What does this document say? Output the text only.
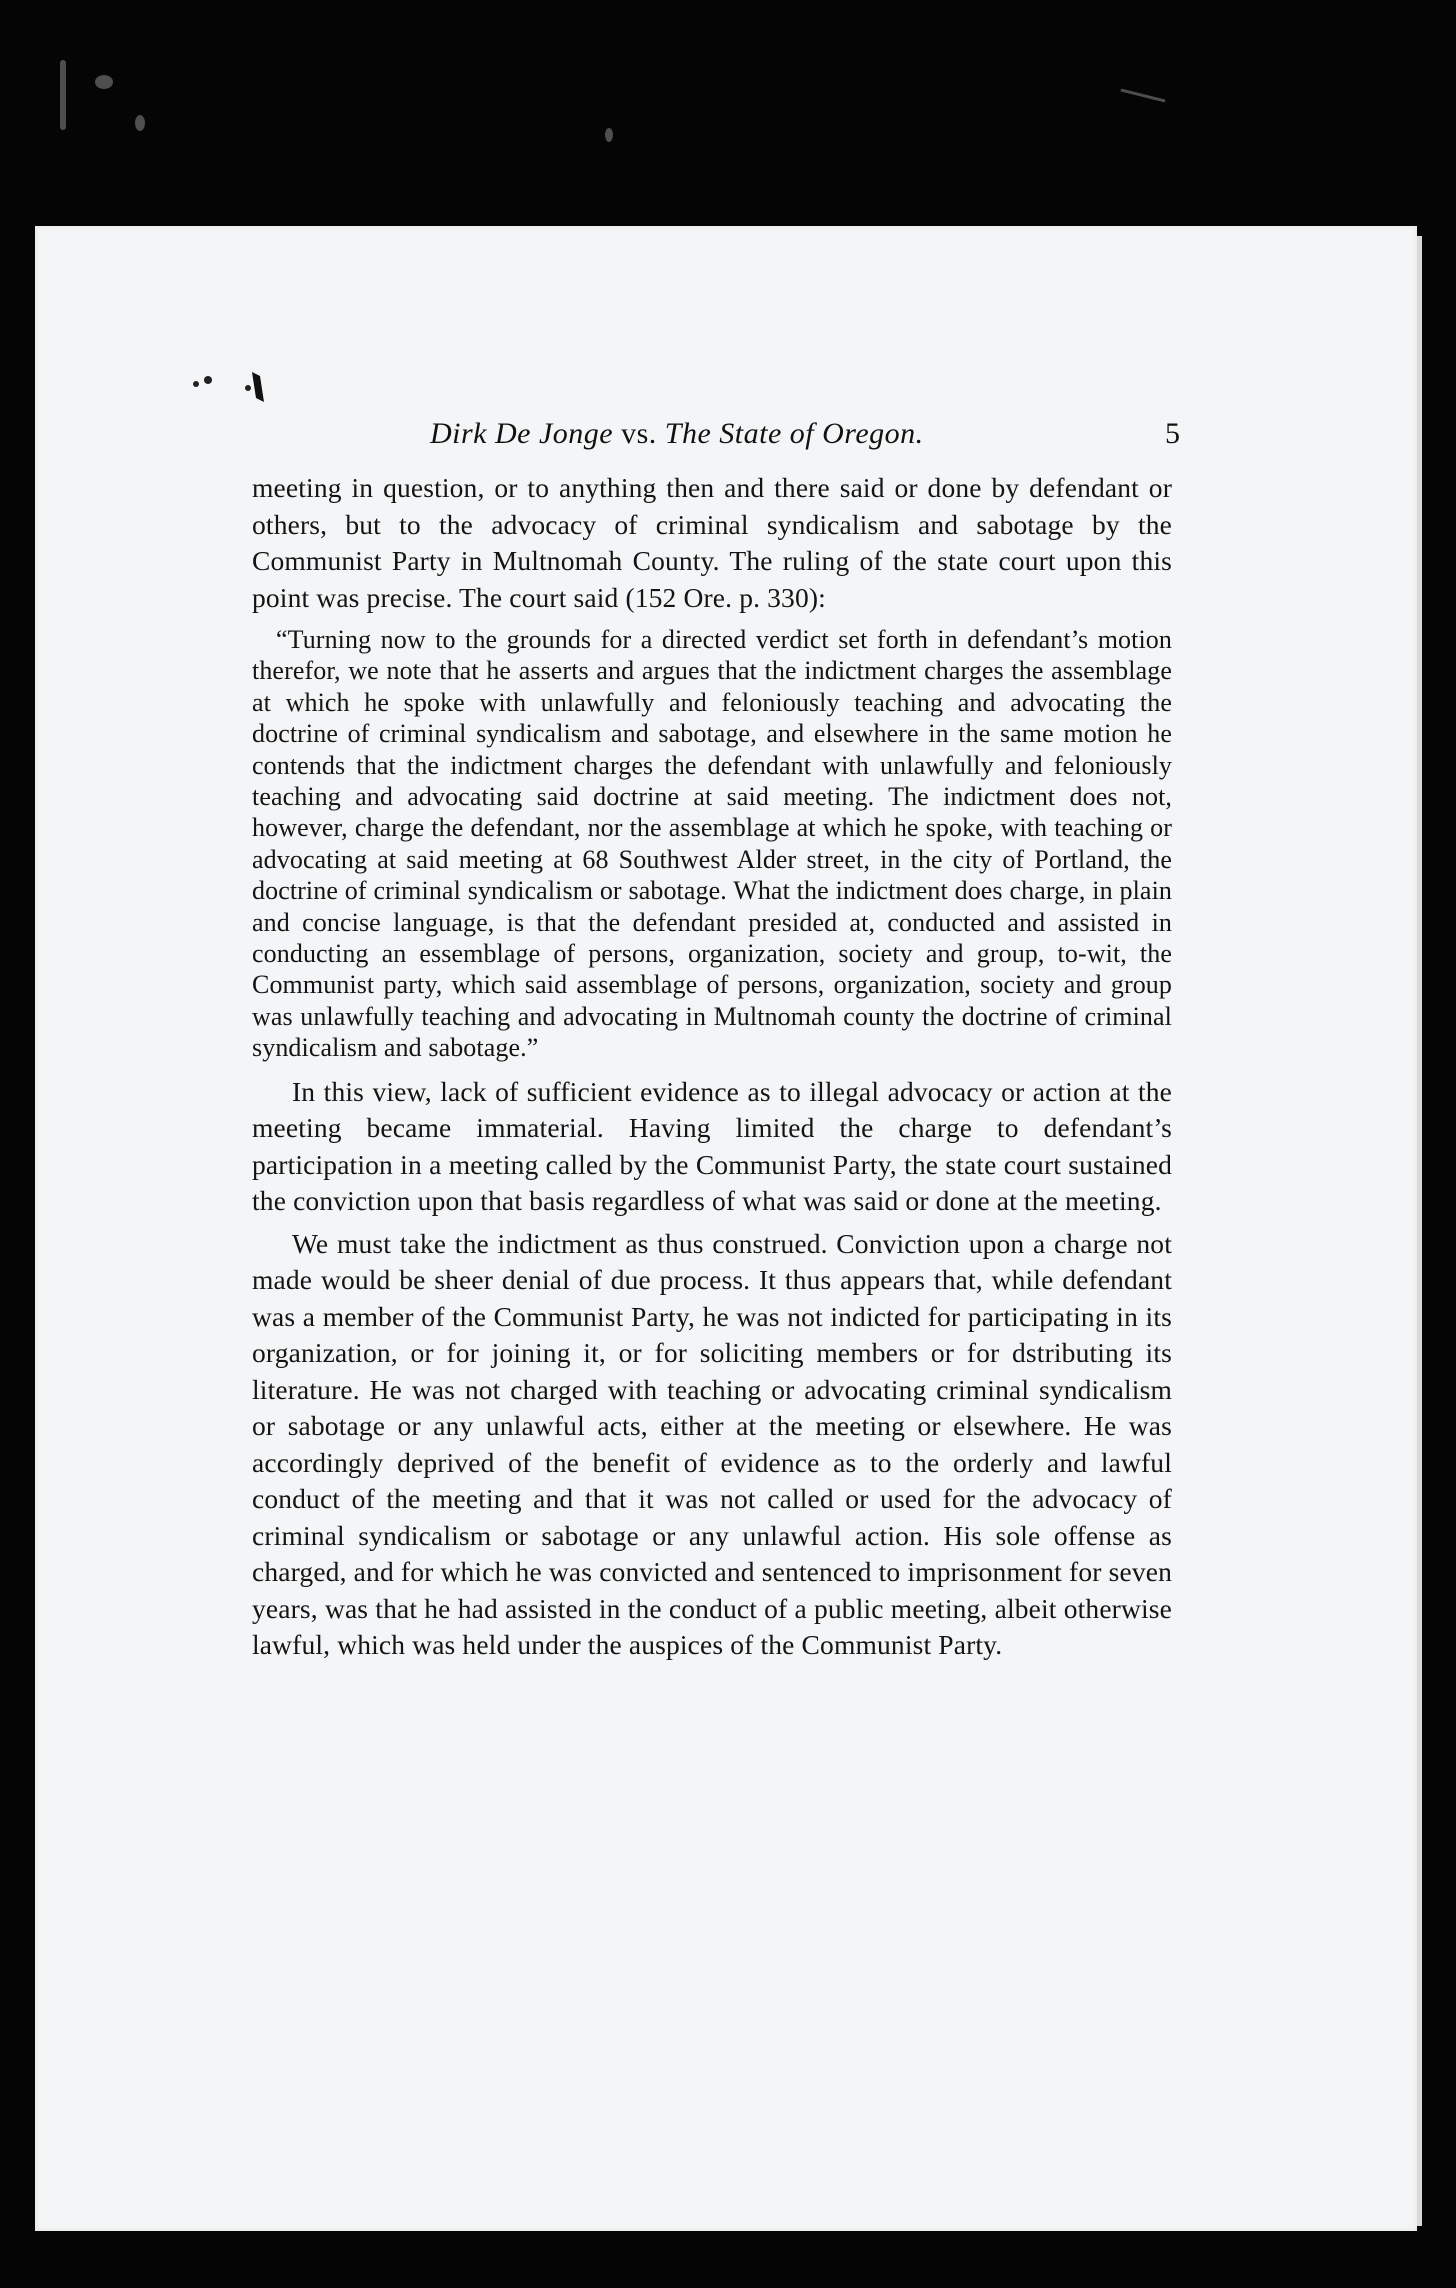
Dirk De Jonge vs. The State of Oregon.	5

meeting in question, or to anything then and there said or done by defendant or others, but to the advocacy of criminal syndicalism and sabotage by the Communist Party in Multnomah County. The ruling of the state court upon this point was precise. The court said (152 Ore. p. 330):

“Turning now to the grounds for a directed verdict set forth in defendant’s motion therefor, we note that he asserts and argues that the indictment charges the assemblage at which he spoke with unlawfully and feloniously teaching and advocating the doctrine of criminal syndicalism and sabotage, and elsewhere in the same motion he contends that the indictment charges the defendant with unlawfully and feloniously teaching and advocating said doctrine at said meeting. The indictment does not, however, charge the defendant, nor the assemblage at which he spoke, with teaching or advocating at said meeting at 68 Southwest Alder street, in the city of Portland, the doctrine of criminal syndicalism or sabotage. What the indictment does charge, in plain and concise language, is that the defendant presided at, conducted and assisted in conducting an essemblage of persons, organization, society and group, to-wit, the Communist party, which said assemblage of persons, organization, society and group was unlawfully teaching and advocating in Multnomah county the doctrine of criminal syndicalism and sabotage.”

In this view, lack of sufficient evidence as to illegal advocacy or action at the meeting became immaterial. Having limited the charge to defendant’s participation in a meeting called by the Communist Party, the state court sustained the conviction upon that basis regardless of what was said or done at the meeting.

We must take the indictment as thus construed. Conviction upon a charge not made would be sheer denial of due process. It thus appears that, while defendant was a member of the Communist Party, he was not indicted for participating in its organization, or for joining it, or for soliciting members or for dstributing its literature. He was not charged with teaching or advocating criminal syndicalism or sabotage or any unlawful acts, either at the meeting or elsewhere. He was accordingly deprived of the benefit of evidence as to the orderly and lawful conduct of the meeting and that it was not called or used for the advocacy of criminal syndicalism or sabotage or any unlawful action. His sole offense as charged, and for which he was convicted and sentenced to imprisonment for seven years, was that he had assisted in the conduct of a public meeting, albeit otherwise lawful, which was held under the auspices of the Communist Party.
